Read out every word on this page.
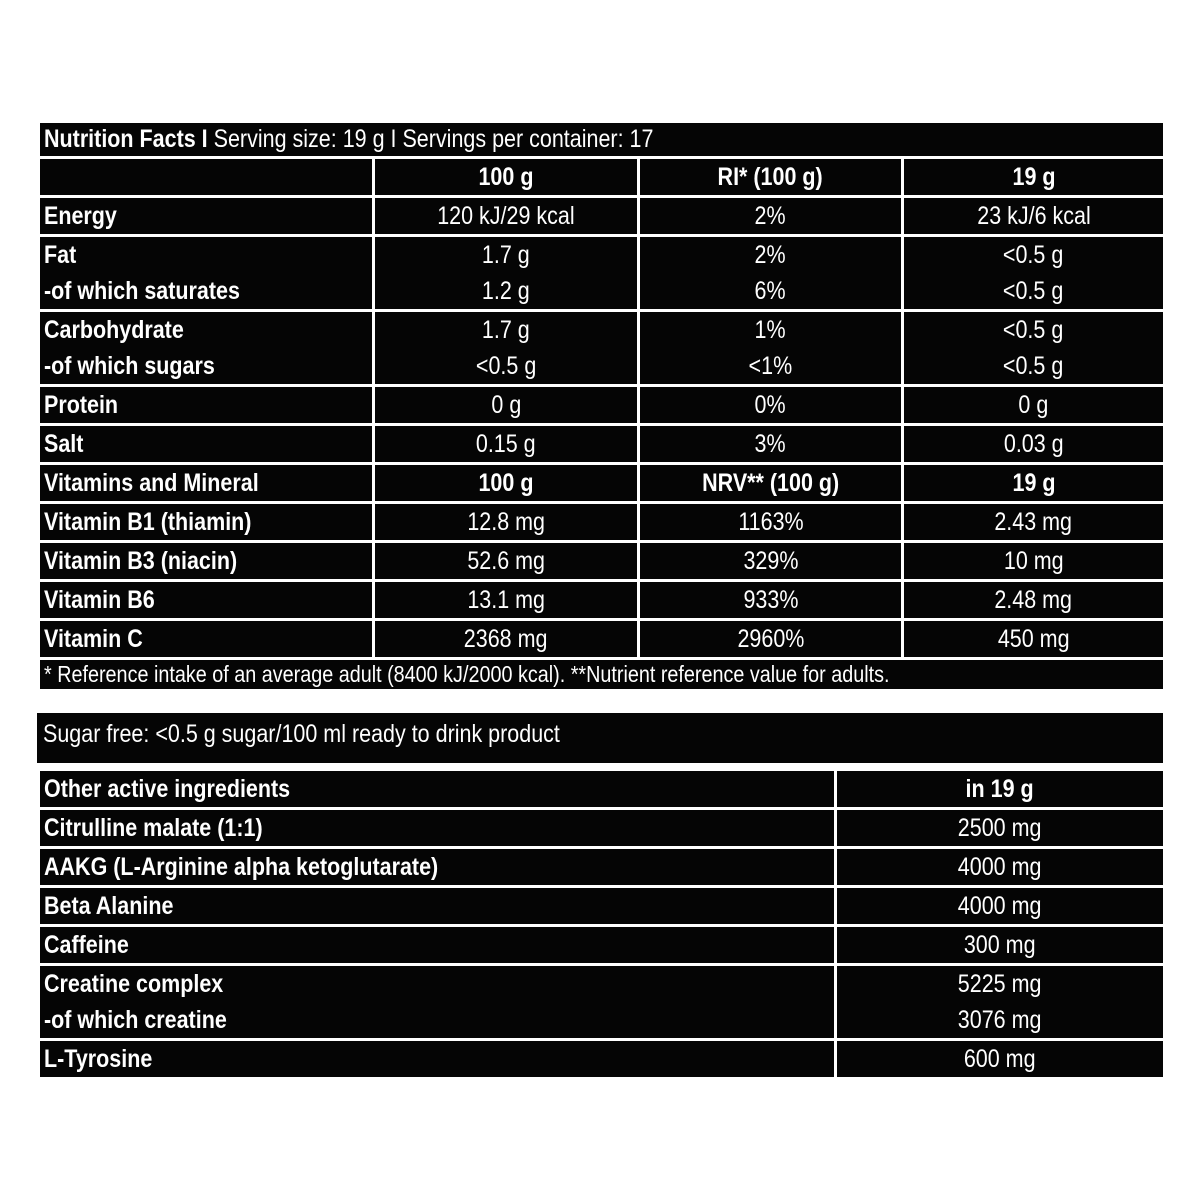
Nutrition Facts I Serving size: 19 g I Servings per container: 17			
	100 g	RI* (100 g)	19 g
Energy	120 kJ/29 kcal	2%	23 kJ/6 kcal
Fat	1.7 g	2%	<0.5 g
-of which saturates	1.2 g	6%	<0.5 g
Carbohydrate	1.7 g	1%	<0.5 g
-of which sugars	<0.5 g	<1%	<0.5 g
Protein	0 g	0%	0 g
Salt	0.15 g	3%	0.03 g
Vitamins and Mineral	100 g	NRV** (100 g)	19 g
Vitamin B1 (thiamin)	12.8 mg	1163%	2.43 mg
Vitamin B3 (niacin)	52.6 mg	329%	10 mg
Vitamin B6	13.1 mg	933%	2.48 mg
Vitamin C	2368 mg	2960%	450 mg
* Reference intake of an average adult (8400 kJ/2000 kcal). **Nutrient reference value for adults.			
Sugar free: <0.5 g sugar/100 ml ready to drink product
Other active ingredients	in 19 g
Citrulline malate (1:1)	2500 mg
AAKG (L-Arginine alpha ketoglutarate)	4000 mg
Beta Alanine	4000 mg
Caffeine	300 mg
Creatine complex	5225 mg
-of which creatine	3076 mg
L-Tyrosine	600 mg
